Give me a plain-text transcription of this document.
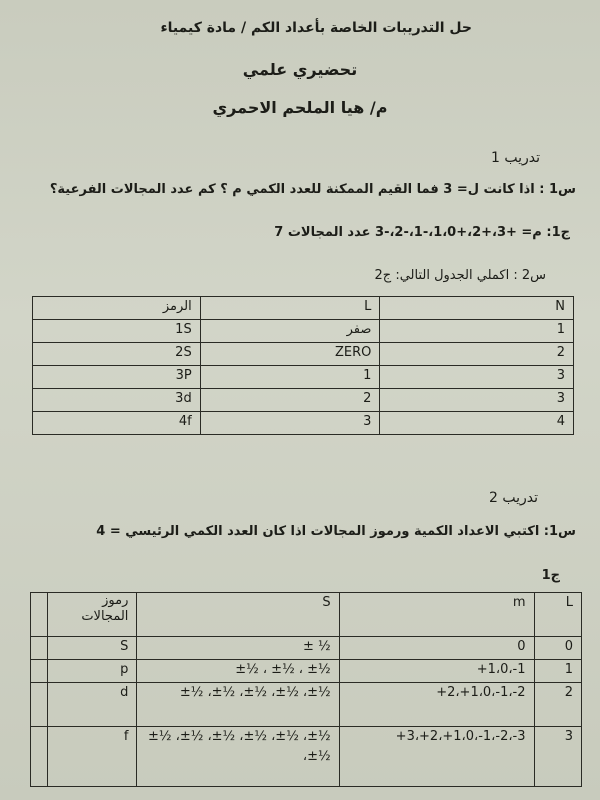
حل التدريبات الخاصة بأعداد الكم / مادة كيمياء
تحضيري علمي
م/ هيا الملحم الاحمري
تدريب 1
س1 : اذا كانت ل= 3 فما القيم الممكنة للعدد الكمي م ؟ كم عدد المجالات الفرعية؟
ج1: م= +3،+2،+1،0،-1،-2،-3 عدد المجالات 7
س2 : اكملي الجدول التالي: ج2
الرمز	L	N
1S	صفر	1
2S	ZERO	2
3P	1	3
3d	2	3
4f	3	4
تدريب 2
س1: اكتبي الاعداد الكمية ورموز المجالات اذا كان العدد الكمي الرئيسي = 4
ج1
	رموز المجالات	S	m	L
	S	± ½	0	0
	p	±½ ، ±½ ، ±½	+1،0،-1	1
	d	±½ ،±½ ،±½ ،±½ ،±½	+2،+1،0،-1،-2	2
	f	±½ ،±½ ،±½ ،±½ ،±½ ،±½ ،±½	+3،+2،+1،0،-1،-2،-3	3
